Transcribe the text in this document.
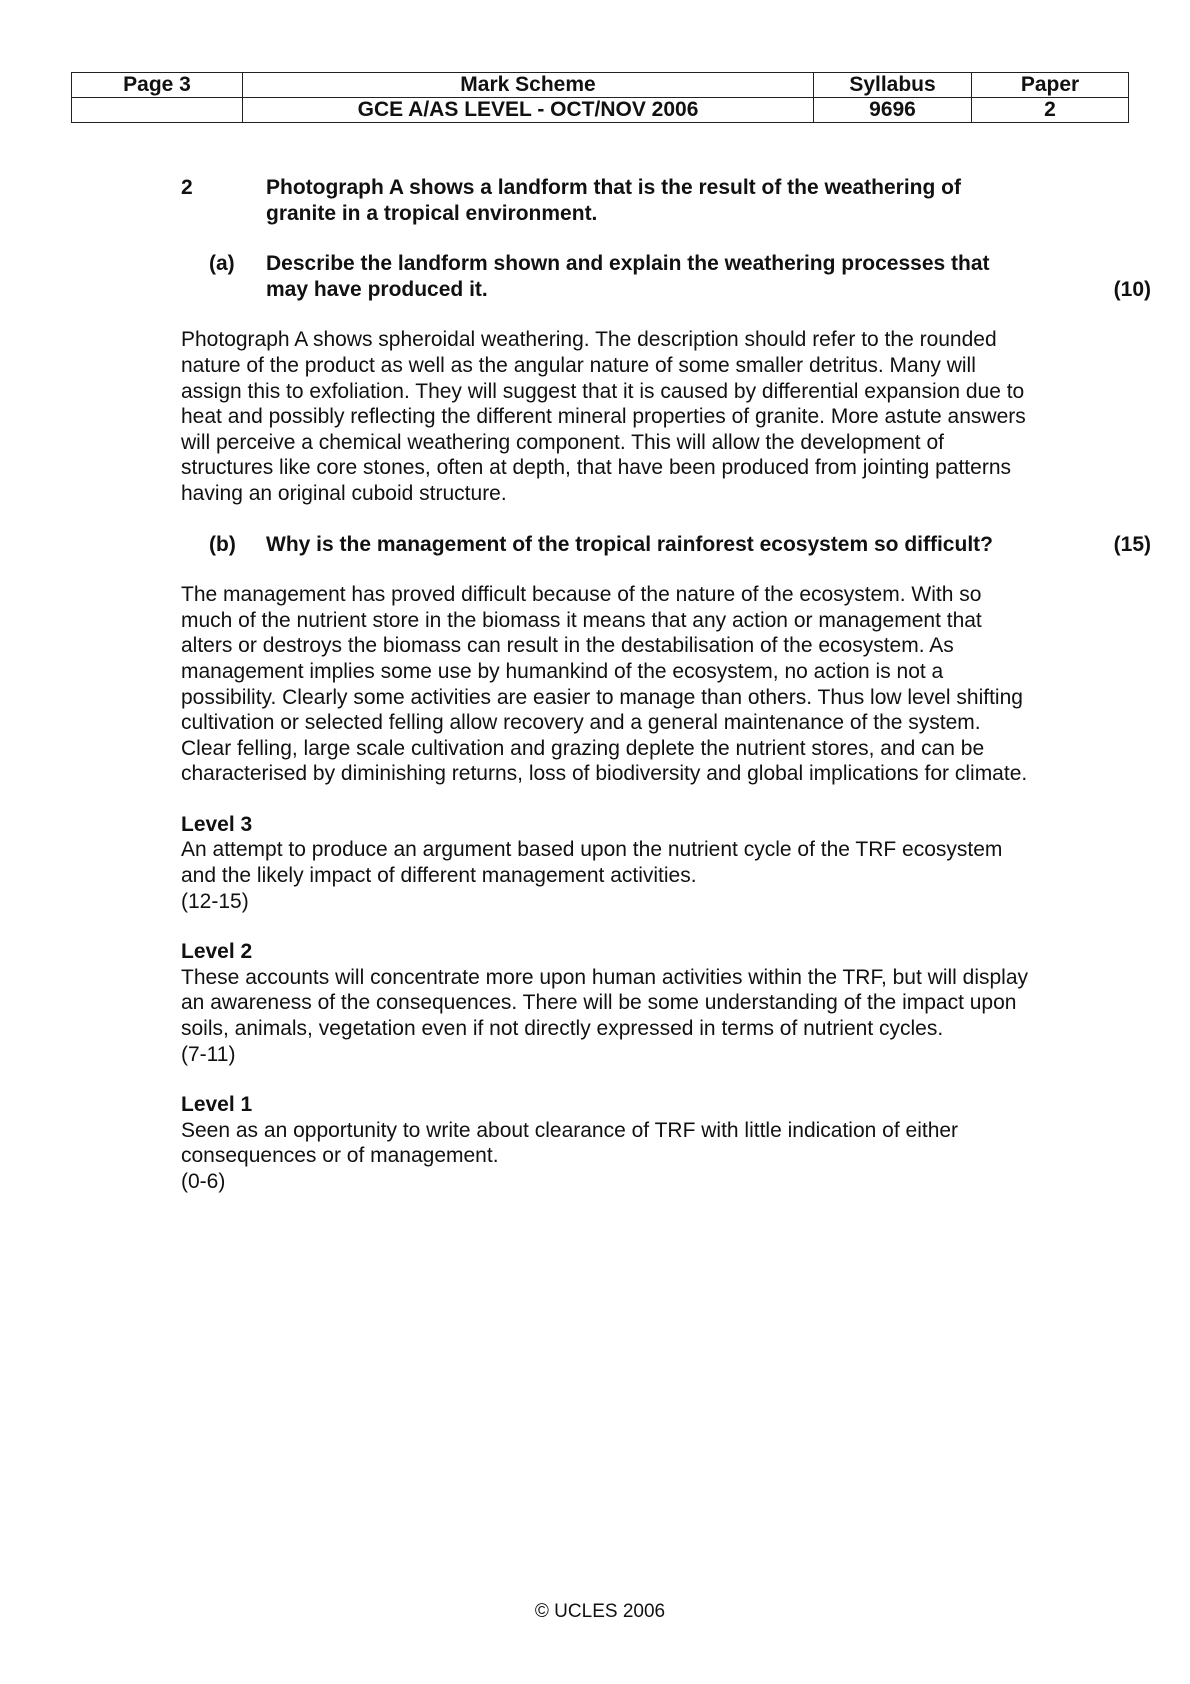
Page 3	Mark Scheme	Syllabus	Paper
	GCE A/AS LEVEL - OCT/NOV 2006	9696	2
2	Photograph A shows a landform that is the result of the weathering of granite in a tropical environment.
(a) Describe the landform shown and explain the weathering processes that may have produced it.	(10)
Photograph A shows spheroidal weathering. The description should refer to the rounded nature of the product as well as the angular nature of some smaller detritus. Many will assign this to exfoliation. They will suggest that it is caused by differential expansion due to heat and possibly reflecting the different mineral properties of granite. More astute answers will perceive a chemical weathering component. This will allow the development of structures like core stones, often at depth, that have been produced from jointing patterns having an original cuboid structure.
(b) Why is the management of the tropical rainforest ecosystem so difficult?	(15)
The management has proved difficult because of the nature of the ecosystem. With so much of the nutrient store in the biomass it means that any action or management that alters or destroys the biomass can result in the destabilisation of the ecosystem. As management implies some use by humankind of the ecosystem, no action is not a possibility. Clearly some activities are easier to manage than others. Thus low level shifting cultivation or selected felling allow recovery and a general maintenance of the system. Clear felling, large scale cultivation and grazing deplete the nutrient stores, and can be characterised by diminishing returns, loss of biodiversity and global implications for climate.
Level 3
An attempt to produce an argument based upon the nutrient cycle of the TRF ecosystem and the likely impact of different management activities.
(12-15)
Level 2
These accounts will concentrate more upon human activities within the TRF, but will display an awareness of the consequences. There will be some understanding of the impact upon soils, animals, vegetation even if not directly expressed in terms of nutrient cycles.
(7-11)
Level 1
Seen as an opportunity to write about clearance of TRF with little indication of either consequences or of management.
(0-6)
© UCLES 2006
